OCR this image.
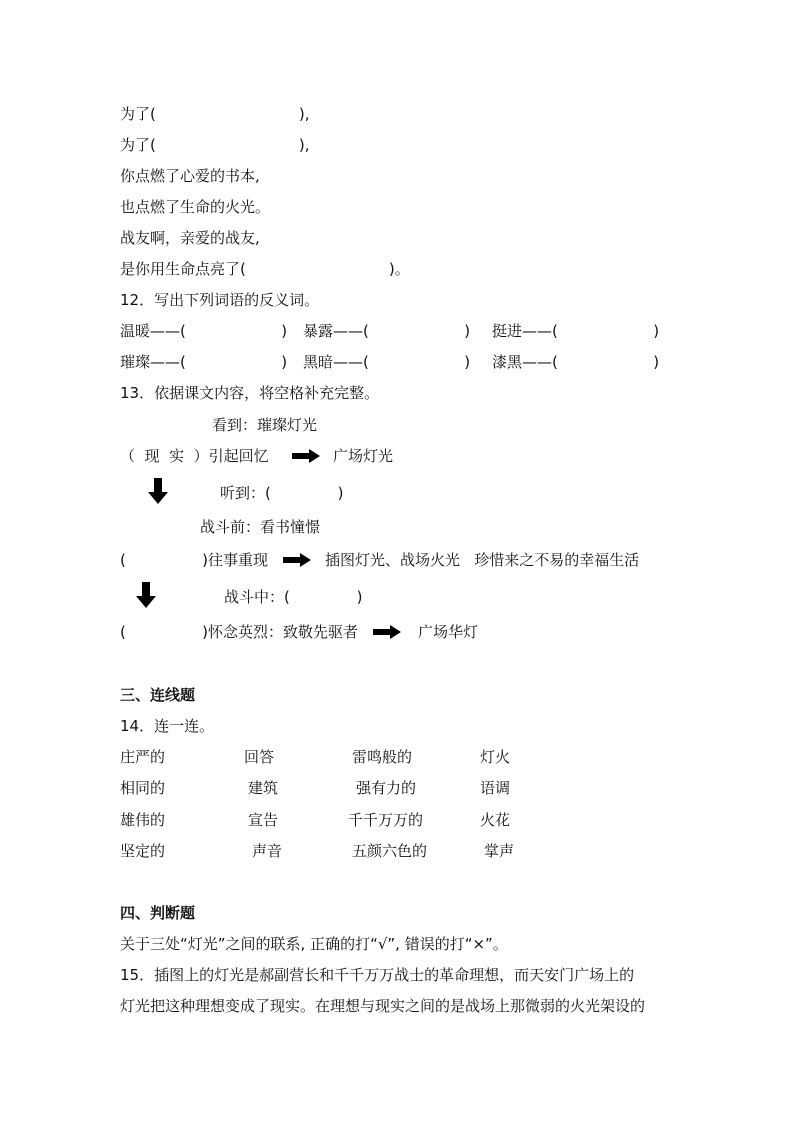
为了(                              ),
为了(                              ),
你点燃了心爱的书本,
也点燃了生命的火光。
战友啊，亲爱的战友,
是你用生命点亮了(                              )。
12．写出下列词语的反义词。
温暖——(                    ) 暴露——(                    ) 挺进——(                    )
璀璨——(                    ) 黑暗——(                    ) 漆黑——(                    )
13．依据课文内容，将空格补充完整。
看到：璀璨灯光
（  现  实  ）引起回忆	广场灯光
听到：(              )
战斗前：看书憧憬
(                )往事重现	插图灯光、战场火光   珍惜来之不易的幸福生活
战斗中：(              )
(                )怀念英烈：致敬先驱者	广场华灯
三、连线题
14．连一连。
庄严的	回答	雷鸣般的	灯火
相同的	建筑	强有力的	语调
雄伟的	宣告	千千万万的	火花
坚定的	声音	五颜六色的	掌声
四、判断题
关于三处“灯光”之间的联系, 正确的打“√”, 错误的打“×”。
15．插图上的灯光是郝副营长和千千万万战士的革命理想，而天安门广场上的
灯光把这种理想变成了现实。在理想与现实之间的是战场上那微弱的火光架设的
